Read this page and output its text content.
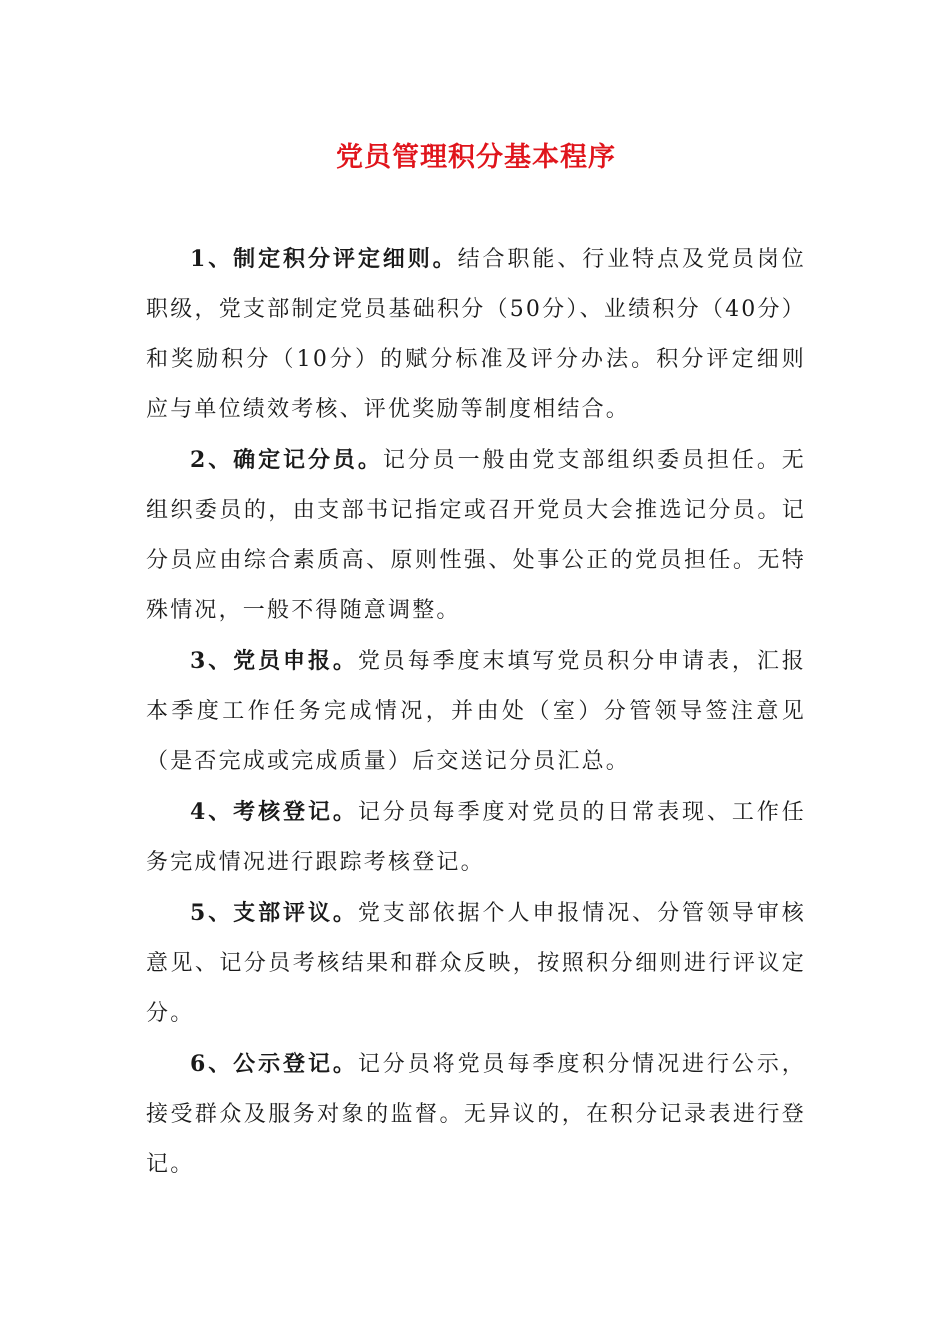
党员管理积分基本程序

1、制定积分评定细则。结合职能、行业特点及党员岗位职级，党支部制定党员基础积分（50分）、业绩积分（40分）和奖励积分（10分）的赋分标准及评分办法。积分评定细则应与单位绩效考核、评优奖励等制度相结合。

2、确定记分员。记分员一般由党支部组织委员担任。无组织委员的，由支部书记指定或召开党员大会推选记分员。记分员应由综合素质高、原则性强、处事公正的党员担任。无特殊情况，一般不得随意调整。

3、党员申报。党员每季度末填写党员积分申请表，汇报本季度工作任务完成情况，并由处（室）分管领导签注意见（是否完成或完成质量）后交送记分员汇总。

4、考核登记。记分员每季度对党员的日常表现、工作任务完成情况进行跟踪考核登记。

5、支部评议。党支部依据个人申报情况、分管领导审核意见、记分员考核结果和群众反映，按照积分细则进行评议定分。

6、公示登记。记分员将党员每季度积分情况进行公示，接受群众及服务对象的监督。无异议的，在积分记录表进行登记。
